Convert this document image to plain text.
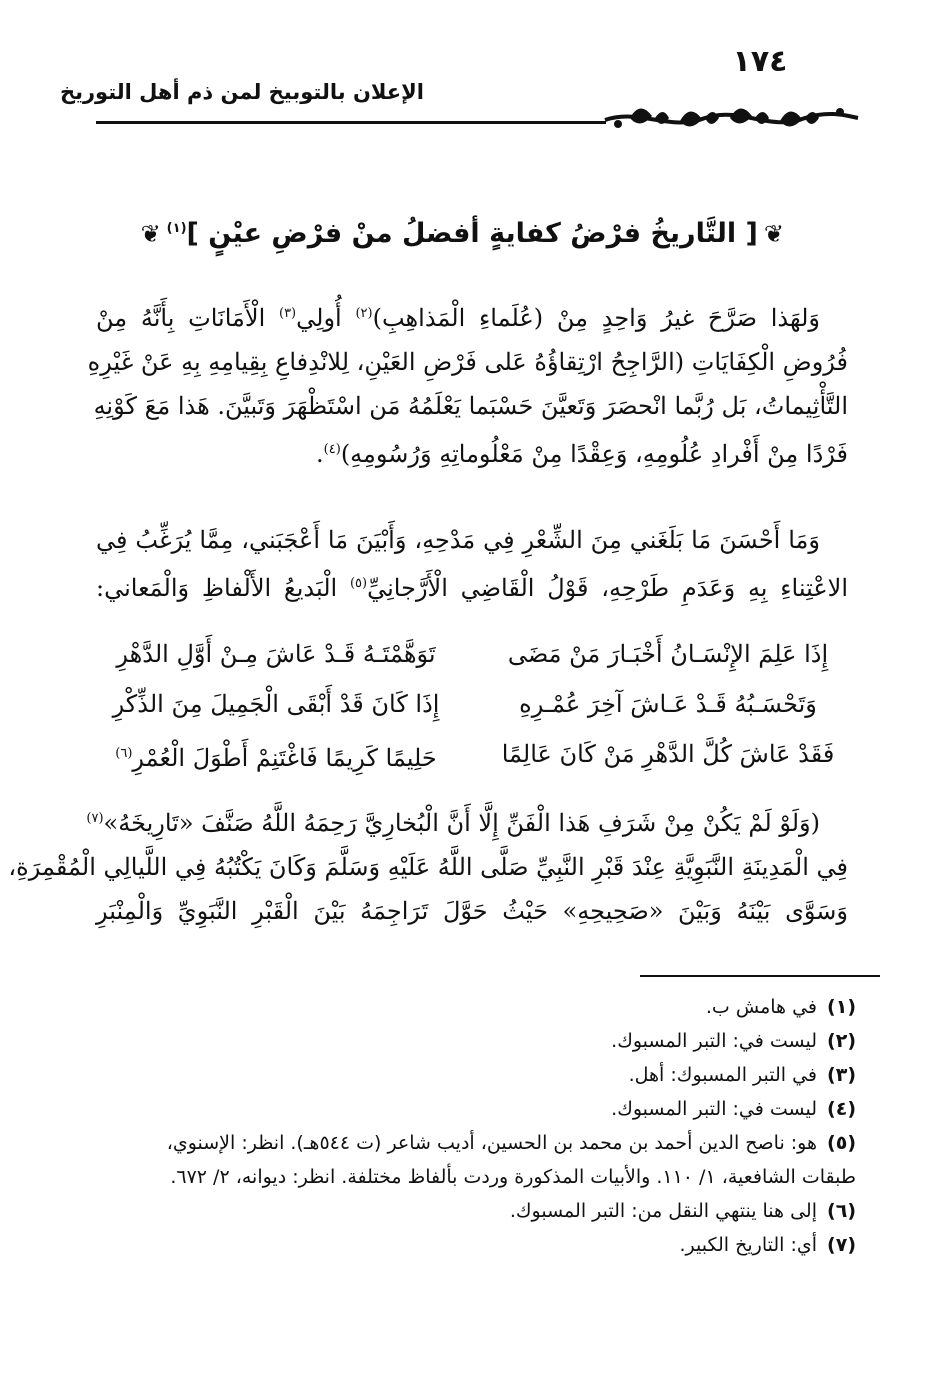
١٧٤
الإعلان بالتوبيخ لمن ذم أهل التوريخ
❦[ التَّاريخُ فرْضُ كفايةٍ أفضلُ منْ فرْضِ عيْنٍ ]$^{(١)}$❦
وَلهَذا صَرَّحَ غيرُ وَاحِدٍ مِنْ (عُلَماءِ الْمَذاهِبِ)$^{(٢)}$ أُولِي$^{(٣)}$ الْأَمَانَاتِ بِأَنَّهُ مِنْ
فُرُوضِ الْكِفَايَاتِ (الرَّاجِحُ ارْتِقاؤُهُ عَلى فَرْضِ العَيْنِ، لِلانْدِفاعِ بِقِيامِهِ بِهِ عَنْ غَيْرِهِ
التَّأْثِيماتُ، بَل رُبَّما انْحصَرَ وَتَعيَّنَ حَسْبَما يَعْلَمُهُ مَن اسْتَظْهَرَ وَتَبيَّنَ. هَذا مَعَ كَوْنِهِ
فَرْدًا مِنْ أَفْرادِ عُلُومِهِ، وَعِقْدًا مِنْ مَعْلُوماتِهِ وَرُسُومِهِ)$^{(٤)}$.
وَمَا أَحْسَنَ مَا بَلَغَني مِنَ الشِّعْرِ فِي مَدْحِهِ، وَأَبْيَنَ مَا أَعْجَبَني، مِمَّا يُرَغِّبُ فِي
الاعْتِناءِ بِهِ وَعَدَمِ طَرْحِهِ، قَوْلُ الْقَاضِي الْأَرَّجانِيِّ$^{(٥)}$ الْبَديعُ الأَلْفاظِ وَالْمَعاني:
إِذَا عَلِمَ الإِنْسَـانُ أَخْبَـارَ مَنْ مَضَى
تَوَهَّمْتَـهُ قَـدْ عَاشَ مِـنْ أَوَّلِ الدَّهْرِ
وَتَحْسَـبُهُ قَـدْ عَـاشَ آخِرَ عُمْـرِهِ
إِذَا كَانَ قَدْ أَبْقَى الْجَمِيلَ مِنَ الذِّكْرِ
فَقَدْ عَاشَ كُلَّ الدَّهْرِ مَنْ كَانَ عَالِمًا
حَلِيمًا كَرِيمًا فَاغْتَنِمْ أَطْوَلَ الْعُمْرِ$^{(٦)}$
(وَلَوْ لَمْ يَكُنْ مِنْ شَرَفِ هَذا الْفَنِّ إِلَّا أَنَّ الْبُخارِيَّ رَحِمَهُ اللَّهُ صَنَّفَ «تَارِيخَهُ»$^{(٧)}$
فِي الْمَدِينَةِ النَّبَوِيَّةِ عِنْدَ قَبْرِ النَّبِيِّ صَلَّى اللَّهُ عَلَيْهِ وَسَلَّمَ وَكَانَ يَكْتُبُهُ فِي اللَّيالِي الْمُقْمِرَةِ،
وَسَوَّى بَيْنَهُ وَبَيْنَ «صَحِيحِهِ» حَيْثُ حَوَّلَ تَرَاجِمَهُ بَيْنَ الْقَبْرِ النَّبَوِيِّ وَالْمِنْبَرِ
(١)في هامش ب.
(٢)ليست في: التبر المسبوك.
(٣)في التبر المسبوك: أهل.
(٤)ليست في: التبر المسبوك.
(٥)هو: ناصح الدين أحمد بن محمد بن الحسين، أديب شاعر (ت ٥٤٤هـ). انظر: الإسنوي،
طبقات الشافعية، ١/ ١١٠. والأبيات المذكورة وردت بألفاظ مختلفة. انظر: ديوانه، ٢/ ٦٧٢.
(٦)إلى هنا ينتهي النقل من: التبر المسبوك.
(٧)أي: التاريخ الكبير.
